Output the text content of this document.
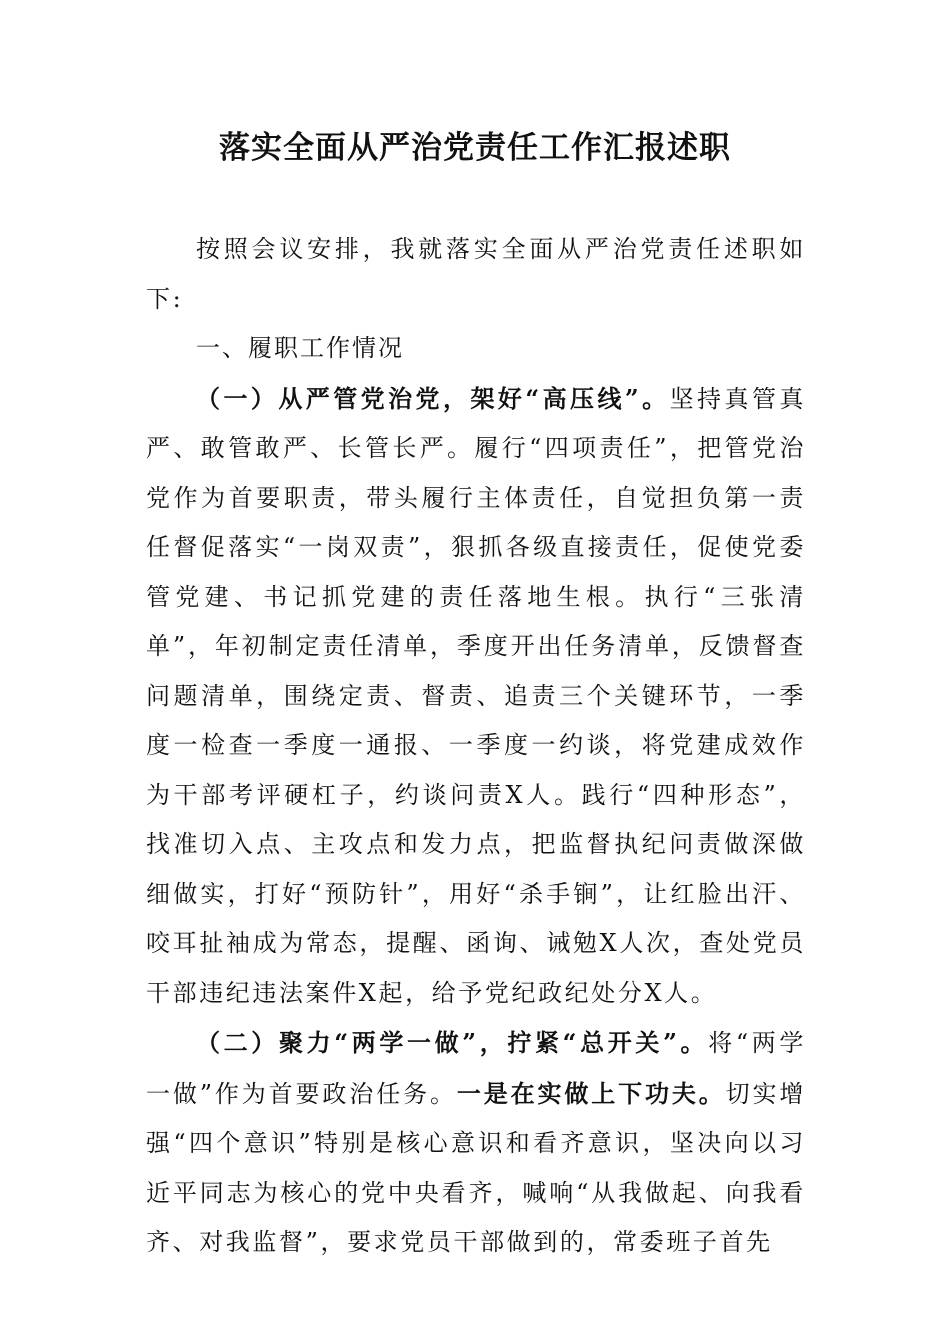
落实全面从严治党责任工作汇报述职

按照会议安排，我就落实全面从严治党责任述职如下:

一、履职工作情况

（一）从严管党治党，架好“高压线”。坚持真管真严、敢管敢严、长管长严。履行“四项责任”，把管党治党作为首要职责，带头履行主体责任，自觉担负第一责任督促落实“一岗双责”，狠抓各级直接责任，促使党委管党建、书记抓党建的责任落地生根。执行“三张清单”，年初制定责任清单，季度开出任务清单，反馈督查问题清单，围绕定责、督责、追责三个关键环节，一季度一检查一季度一通报、一季度一约谈，将党建成效作为干部考评硬杠子，约谈问责X人。践行“四种形态”，找准切入点、主攻点和发力点，把监督执纪问责做深做细做实，打好“预防针”，用好“杀手锏”，让红脸出汗、咬耳扯袖成为常态，提醒、函询、诫勉X人次，查处党员干部违纪违法案件X起，给予党纪政纪处分X人。

（二）聚力“两学一做”，拧紧“总开关”。将“两学一做”作为首要政治任务。一是在实做上下功夫。切实增强“四个意识”特别是核心意识和看齐意识，坚决向以习近平同志为核心的党中央看齐，喊响“从我做起、向我看齐、对我监督”，要求党员干部做到的，常委班子首先
